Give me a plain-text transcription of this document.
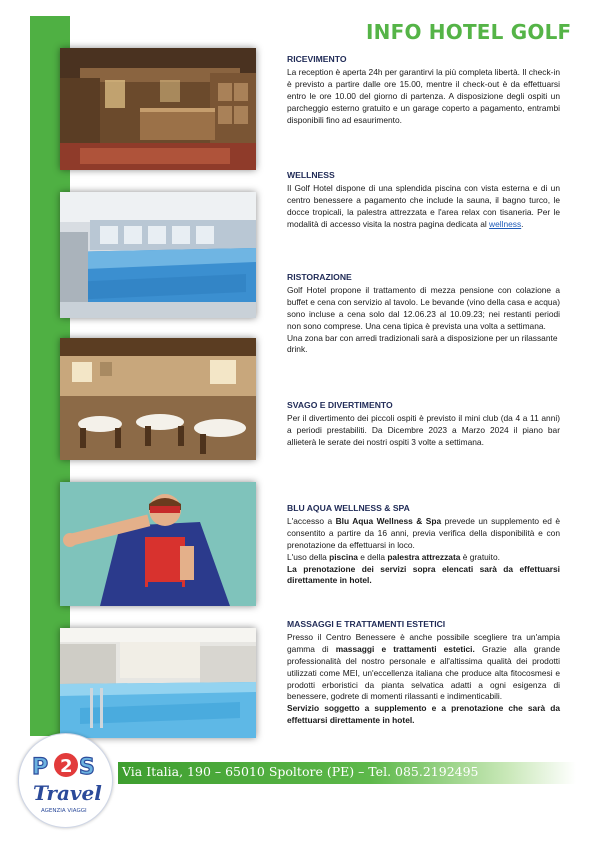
INFO HOTEL GOLF
RICEVIMENTO

La reception è aperta 24h per garantirvi la più completa libertà. Il check-in è previsto a partire dalle ore 15.00, mentre il check-out è da effettuarsi entro le ore 10.00 del giorno di partenza. A disposizione degli ospiti un parcheggio esterno gratuito e un garage coperto a pagamento, entrambi disponibili fino ad esaurimento.

WELLNESS

Il Golf Hotel dispone di una splendida piscina con vista esterna e di un centro benessere a pagamento che include la sauna, il bagno turco, le docce tropicali, la palestra attrezzata e l'area relax con tisaneria. Per le modalità di accesso visita la nostra pagina dedicata al wellness.

RISTORAZIONE

Golf Hotel propone il trattamento di mezza pensione con colazione a buffet e cena con servizio al tavolo. Le bevande (vino della casa e acqua) sono incluse a cena solo dal 12.06.23 al 10.09.23; nei restanti periodi non sono comprese. Una cena tipica è prevista una volta a settimana.

Una zona bar con arredi tradizionali sarà a disposizione per un rilassante drink.

SVAGO E DIVERTIMENTO

Per il divertimento dei piccoli ospiti è previsto il mini club (da 4 a 11 anni) a periodi prestabiliti. Da Dicembre 2023 a Marzo 2024 il piano bar allieterà le serate dei nostri ospiti 3 volte a settimana.

BLU AQUA WELLNESS & SPA

L'accesso a Blu Aqua Wellness & Spa prevede un supplemento ed è consentito a partire da 16 anni, previa verifica della disponibilità e con prenotazione da effettuarsi in loco.

L'uso della piscina e della palestra attrezzata è gratuito.

La prenotazione dei servizi sopra elencati sarà da effettuarsi direttamente in hotel.

MASSAGGI E TRATTAMENTI ESTETICI

Presso il Centro Benessere è anche possibile scegliere tra un'ampia gamma di massaggi e trattamenti estetici. Grazie alla grande professionalità del nostro personale e all'altissima qualità dei prodotti utilizzati come MEI, un'eccellenza italiana che produce alta fitocosmesi e prodotti erboristici da pianta selvatica adatti a ogni esigenza di benessere, godrete di momenti rilassanti e indimenticabili.

Servizio soggetto a supplemento e a prenotazione che sarà da effettuarsi direttamente in hotel.

Via Italia, 190 – 65010 Spoltore (PE) – Tel. 085.2192495
P 2 S
Travel
AGENZIA VIAGGI
